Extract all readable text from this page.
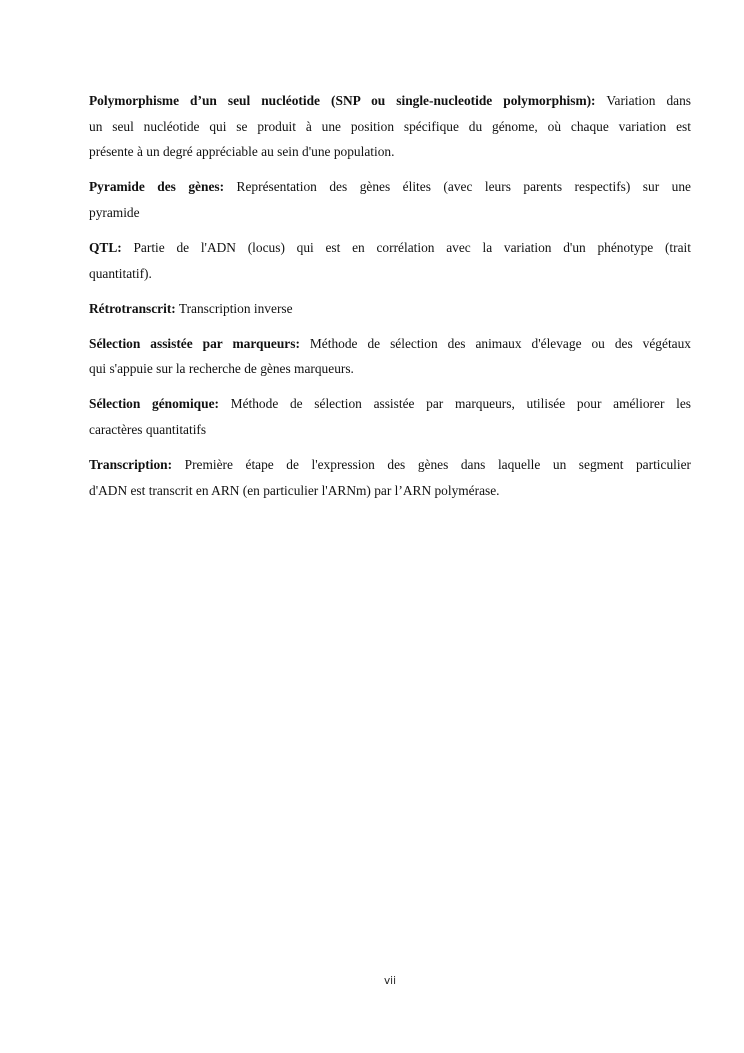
Polymorphisme d’un seul nucléotide (SNP ou single-nucleotide polymorphism): Variation dans
un seul nucléotide qui se produit à une position spécifique du génome, où chaque variation est
présente à un degré appréciable au sein d'une population.
Pyramide des gènes: Représentation des gènes élites (avec leurs parents respectifs) sur une
pyramide
QTL: Partie de l'ADN (locus) qui est en corrélation avec la variation d'un phénotype (trait
quantitatif).
Rétrotranscrit: Transcription inverse
Sélection assistée par marqueurs: Méthode de sélection des animaux d'élevage ou des végétaux
qui s'appuie sur la recherche de gènes marqueurs.
Sélection génomique: Méthode de sélection assistée par marqueurs, utilisée pour améliorer les
caractères quantitatifs
Transcription: Première étape de l'expression des gènes dans laquelle un segment particulier
d'ADN est transcrit en ARN (en particulier l'ARNm) par l’ARN polymérase.
vii
